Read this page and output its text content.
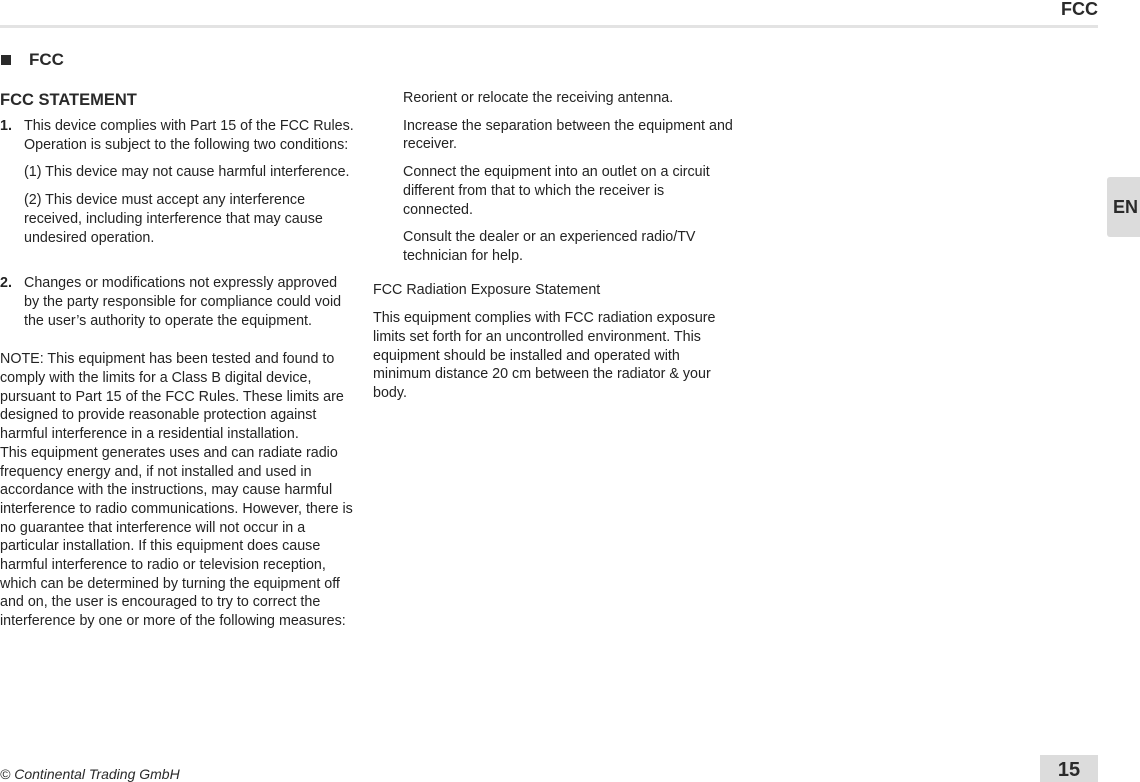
FCC
FCC
EN
FCC STATEMENT
1. This device complies with Part 15 of the FCC Rules. Operation is subject to the following two conditions:
(1) This device may not cause harmful interference.
(2) This device must accept any interference received, including interference that may cause undesired operation.
2. Changes or modifications not expressly approved by the party responsible for compliance could void the user’s authority to operate the equipment.
NOTE: This equipment has been tested and found to comply with the limits for a Class B digital device, pursuant to Part 15 of the FCC Rules. These limits are designed to provide reasonable protection against harmful interference in a residential installation.
This equipment generates uses and can radiate radio frequency energy and, if not installed and used in accordance with the instructions, may cause harmful interference to radio communications. However, there is no guarantee that interference will not occur in a particular installation. If this equipment does cause harmful interference to radio or television reception, which can be determined by turning the equipment off and on, the user is encouraged to try to correct the interference by one or more of the following measures:
Reorient or relocate the receiving antenna.
Increase the separation between the equipment and receiver.
Connect the equipment into an outlet on a circuit different from that to which the receiver is connected.
Consult the dealer or an experienced radio/TV technician for help.
FCC Radiation Exposure Statement
This equipment complies with FCC radiation exposure limits set forth for an uncontrolled environment. This equipment should be installed and operated with minimum distance 20 cm between the radiator & your body.
© Continental Trading GmbH	15
